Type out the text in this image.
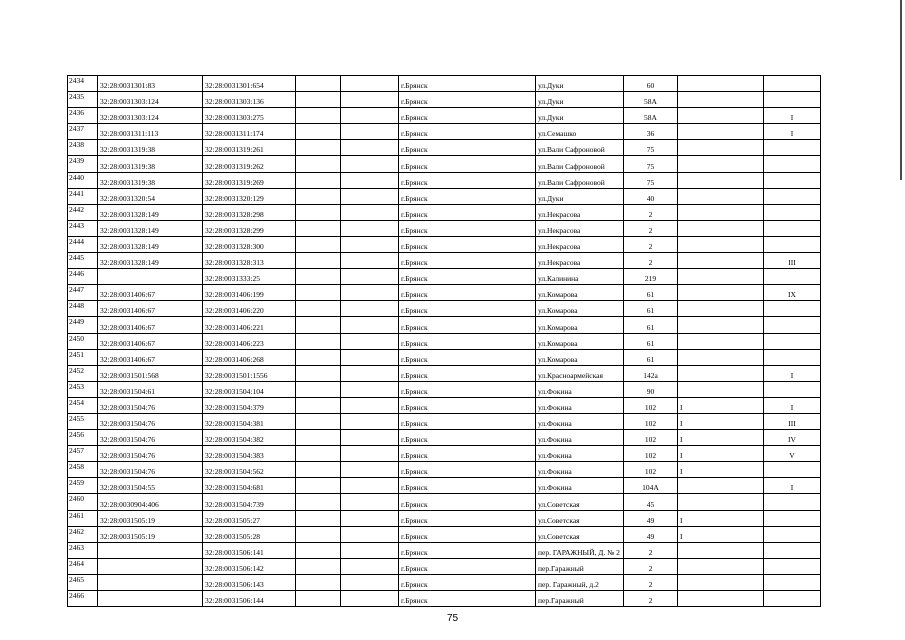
2434	32:28:0031301:83	32:28:0031301:654			г.Брянск	ул.Дуки	60		
2435	32:28:0031303:124	32:28:0031303:136			г.Брянск	ул.Дуки	58А		
2436	32:28:0031303:124	32:28:0031303:275			г.Брянск	ул.Дуки	58А		I
2437	32:28:0031311:113	32:28:0031311:174			г.Брянск	ул.Семашко	36		I
2438	32:28:0031319:38	32:28:0031319:261			г.Брянск	ул.Вали Сафроновой	75		
2439	32:28:0031319:38	32:28:0031319:262			г.Брянск	ул.Вали Сафроновой	75		
2440	32:28:0031319:38	32:28:0031319:269			г.Брянск	ул.Вали Сафроновой	75		
2441	32:28:0031320:54	32:28:0031320:129			г.Брянск	ул.Дуки	40		
2442	32:28:0031328:149	32:28:0031328:298			г.Брянск	ул.Некрасова	2		
2443	32:28:0031328:149	32:28:0031328:299			г.Брянск	ул.Некрасова	2		
2444	32:28:0031328:149	32:28:0031328:300			г.Брянск	ул.Некрасова	2		
2445	32:28:0031328:149	32:28:0031328:313			г.Брянск	ул.Некрасова	2		III
2446		32:28:0031333:25			г.Брянск	ул.Калинина	219		
2447	32:28:0031406:67	32:28:0031406:199			г.Брянск	ул.Комарова	61		IX
2448	32:28:0031406:67	32:28:0031406:220			г.Брянск	ул.Комарова	61		
2449	32:28:0031406:67	32:28:0031406:221			г.Брянск	ул.Комарова	61		
2450	32:28:0031406:67	32:28:0031406:223			г.Брянск	ул.Комарова	61		
2451	32:28:0031406:67	32:28:0031406:268			г.Брянск	ул.Комарова	61		
2452	32:28:0031501:568	32:28:0031501:1556			г.Брянск	ул.Красноармейская	142а		I
2453	32:28:0031504:61	32:28:0031504:104			г.Брянск	ул.Фокина	90		
2454	32:28:0031504:76	32:28:0031504:379			г.Брянск	ул.Фокина	102	I	I
2455	32:28:0031504:76	32:28:0031504:381			г.Брянск	ул.Фокина	102	I	III
2456	32:28:0031504:76	32:28:0031504:382			г.Брянск	ул.Фокина	102	I	IV
2457	32:28:0031504:76	32:28:0031504:383			г.Брянск	ул.Фокина	102	I	V
2458	32:28:0031504:76	32:28:0031504:562			г.Брянск	ул.Фокина	102	I	
2459	32:28:0031504:55	32:28:0031504:681			г.Брянск	ул.Фокина	104А		I
2460	32:28:0030904:406	32:28:0031504:739			г.Брянск	ул.Советская	45		
2461	32:28:0031505:19	32:28:0031505:27			г.Брянск	ул.Советская	49	I	
2462	32:28:0031505:19	32:28:0031505:28			г.Брянск	ул.Советская	49	I	
2463		32:28:0031506:141			г.Брянск	пер. ГАРАЖНЫЙ, Д. № 2	2		
2464		32:28:0031506:142			г.Брянск	пер.Гаражный	2		
2465		32:28:0031506:143			г.Брянск	пер. Гаражный, д.2	2		
2466		32:28:0031506:144			г.Брянск	пер.Гаражный	2		
75
